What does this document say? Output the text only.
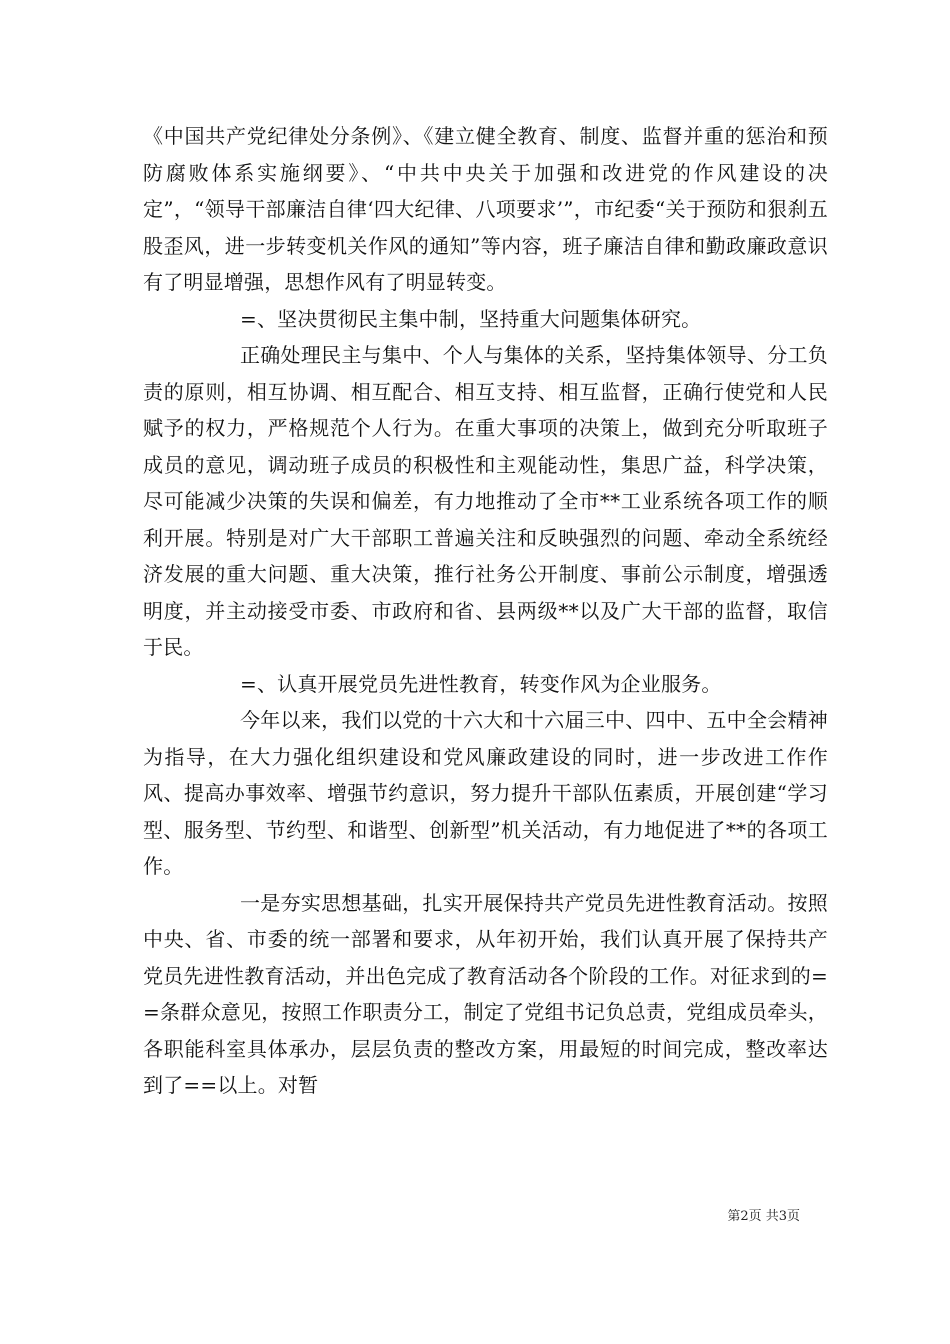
《中国共产党纪律处分条例》、《建立健全教育、制度、监督并重的惩治和预防腐败体系实施纲要》、“中共中央关于加强和改进党的作风建设的决定”，“领导干部廉洁自律‘四大纪律、八项要求’”，市纪委“关于预防和狠刹五股歪风，进一步转变机关作风的通知”等内容，班子廉洁自律和勤政廉政意识有了明显增强，思想作风有了明显转变。

=、坚决贯彻民主集中制，坚持重大问题集体研究。

正确处理民主与集中、个人与集体的关系，坚持集体领导、分工负责的原则，相互协调、相互配合、相互支持、相互监督，正确行使党和人民赋予的权力，严格规范个人行为。在重大事项的决策上，做到充分听取班子成员的意见，调动班子成员的积极性和主观能动性，集思广益，科学决策，尽可能减少决策的失误和偏差，有力地推动了全市**工业系统各项工作的顺利开展。特别是对广大干部职工普遍关注和反映强烈的问题、牵动全系统经济发展的重大问题、重大决策，推行社务公开制度、事前公示制度，增强透明度，并主动接受市委、市政府和省、县两级**以及广大干部的监督，取信于民。

=、认真开展党员先进性教育，转变作风为企业服务。

今年以来，我们以党的十六大和十六届三中、四中、五中全会精神为指导，在大力强化组织建设和党风廉政建设的同时，进一步改进工作作风、提高办事效率、增强节约意识，努力提升干部队伍素质，开展创建“学习型、服务型、节约型、和谐型、创新型”机关活动，有力地促进了**的各项工作。

一是夯实思想基础，扎实开展保持共产党员先进性教育活动。按照中央、省、市委的统一部署和要求，从年初开始，我们认真开展了保持共产党员先进性教育活动，并出色完成了教育活动各个阶段的工作。对征求到的==条群众意见，按照工作职责分工，制定了党组书记负总责，党组成员牵头，各职能科室具体承办，层层负责的整改方案，用最短的时间完成，整改率达到了==以上。对暂

第2页 共3页
